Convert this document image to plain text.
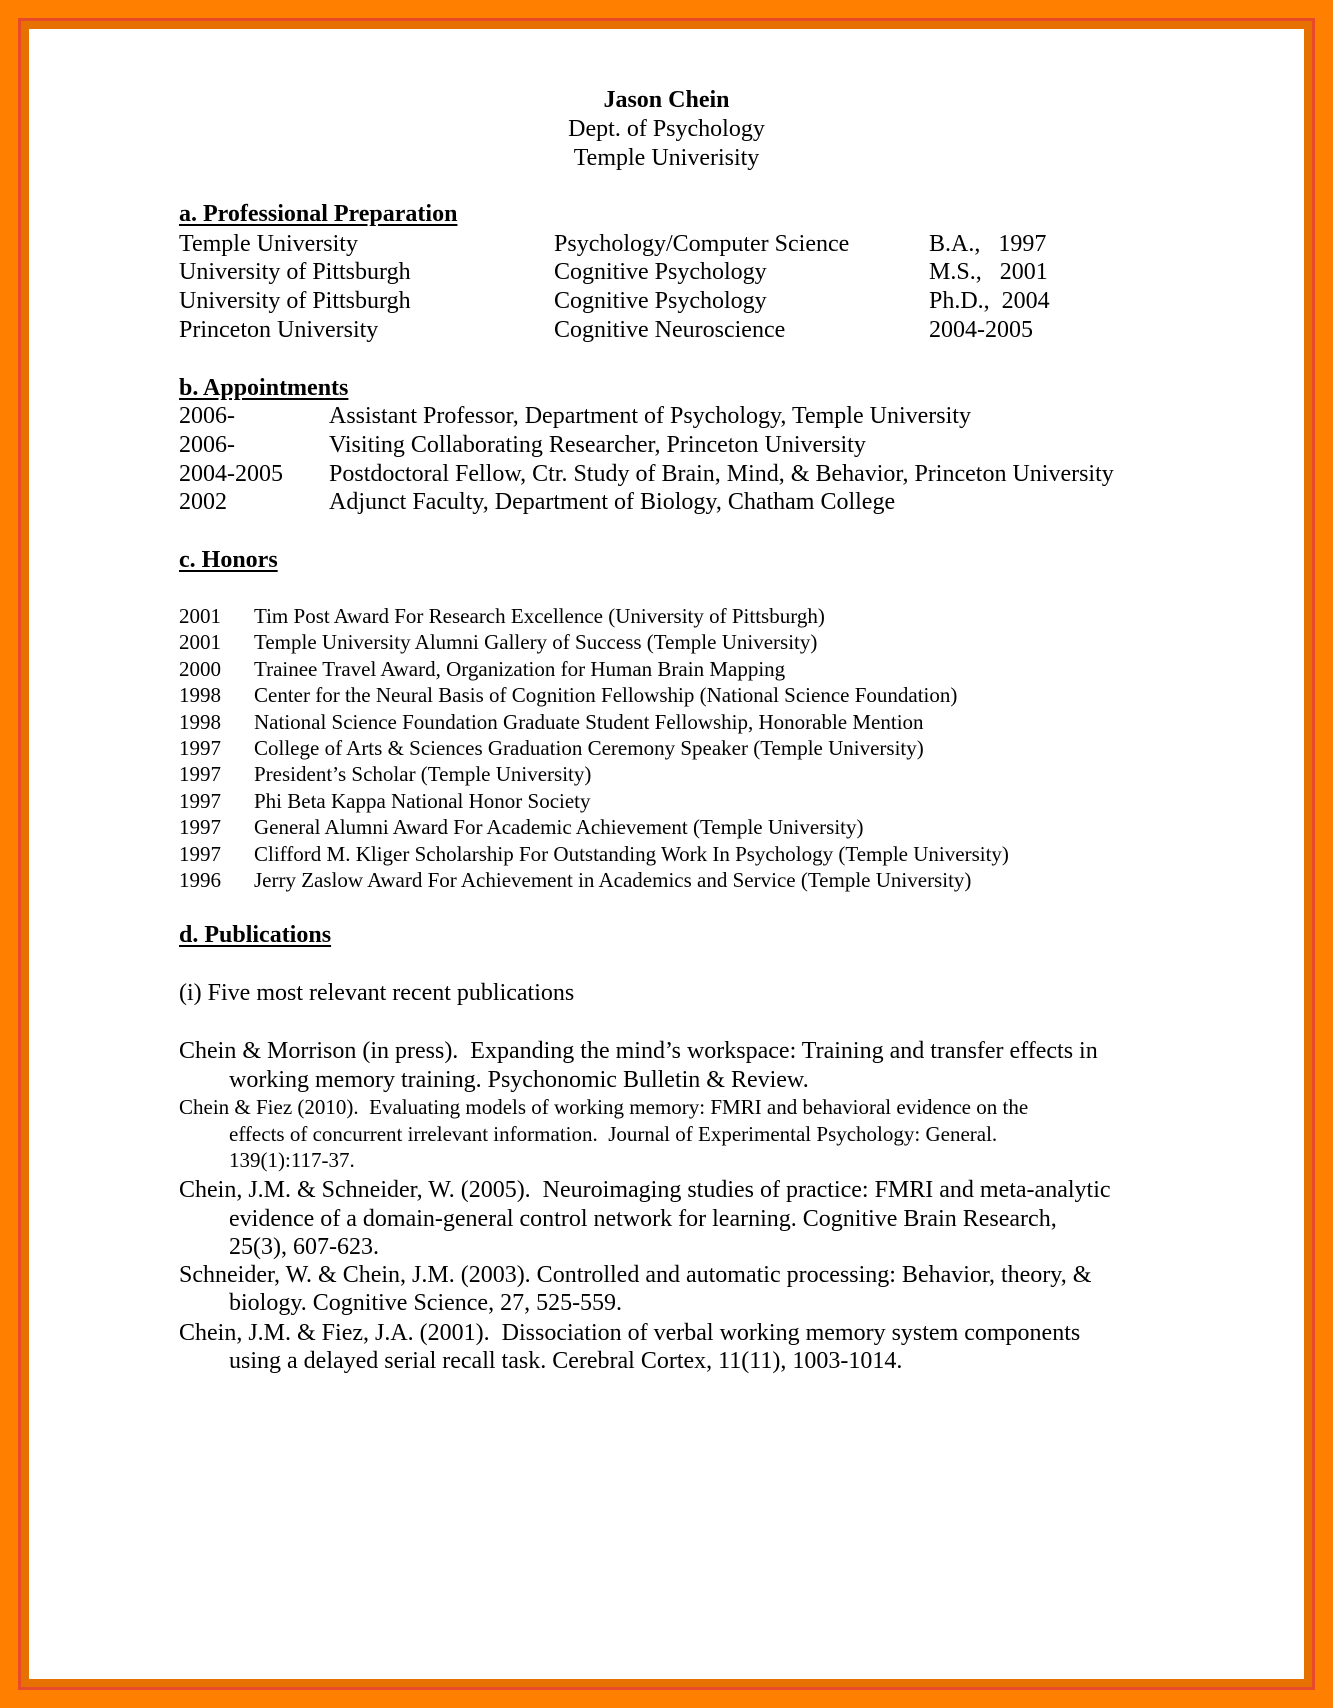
Jason Chein
Dept. of Psychology
Temple Univerisity
a. Professional Preparation
Temple University	Psychology/Computer Science	B.A.,   1997
University of Pittsburgh	Cognitive Psychology	M.S.,   2001
University of Pittsburgh	Cognitive Psychology	Ph.D.,  2004
Princeton University	Cognitive Neuroscience	2004-2005
b. Appointments
2006-	Assistant Professor, Department of Psychology, Temple University
2006-	Visiting Collaborating Researcher, Princeton University
2004-2005 Postdoctoral Fellow, Ctr. Study of Brain, Mind, & Behavior, Princeton University
2002	Adjunct Faculty, Department of Biology, Chatham College
c. Honors
2001 Tim Post Award For Research Excellence (University of Pittsburgh)
2001 Temple University Alumni Gallery of Success (Temple University)
2000 Trainee Travel Award, Organization for Human Brain Mapping
1998 Center for the Neural Basis of Cognition Fellowship (National Science Foundation)
1998 National Science Foundation Graduate Student Fellowship, Honorable Mention
1997 College of Arts & Sciences Graduation Ceremony Speaker (Temple University)
1997 President’s Scholar (Temple University)
1997 Phi Beta Kappa National Honor Society
1997 General Alumni Award For Academic Achievement (Temple University)
1997 Clifford M. Kliger Scholarship For Outstanding Work In Psychology (Temple University)
1996 Jerry Zaslow Award For Achievement in Academics and Service (Temple University)
d. Publications
(i) Five most relevant recent publications
Chein & Morrison (in press).  Expanding the mind’s workspace: Training and transfer effects in
working memory training. Psychonomic Bulletin & Review.
Chein & Fiez (2010).  Evaluating models of working memory: FMRI and behavioral evidence on the
effects of concurrent irrelevant information.  Journal of Experimental Psychology: General.
139(1):117-37.
Chein, J.M. & Schneider, W. (2005).  Neuroimaging studies of practice: FMRI and meta-analytic
evidence of a domain-general control network for learning. Cognitive Brain Research,
25(3), 607-623.
Schneider, W. & Chein, J.M. (2003). Controlled and automatic processing: Behavior, theory, &
biology. Cognitive Science, 27, 525-559.
Chein, J.M. & Fiez, J.A. (2001).  Dissociation of verbal working memory system components
using a delayed serial recall task. Cerebral Cortex, 11(11), 1003-1014.
